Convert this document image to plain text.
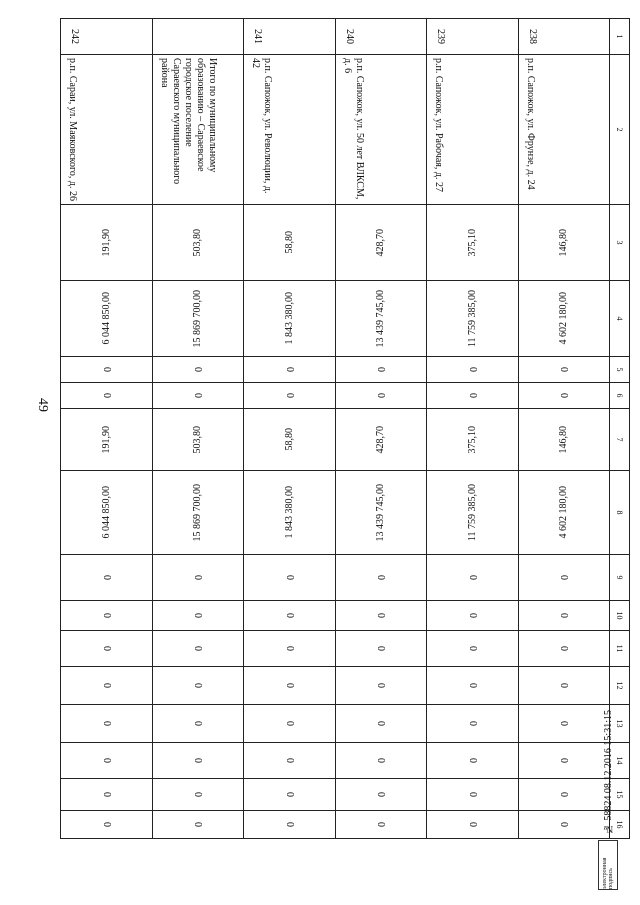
49
1	2	3	4	5	6	7	8	9	10	11	12	13	14	15	16
238	р.п. Сапожок, ул. Фрунзе, д. 24	146,80	4 602 180,00	0	0	146,80	4 602 180,00	0	0	0	0	0	0	0	0
239	р.п. Сапожок, ул. Рабочая, д. 27	375,10	11 759 385,00	0	0	375,10	11 759 385,00	0	0	0	0	0	0	0	0
240	р.п. Сапожок, ул. 50 лет ВЛКСМ, д. 6	428,70	13 439 745,00	0	0	428,70	13 439 745,00	0	0	0	0	0	0	0	0
241	р.п. Сапожок, ул. Революции, д. 42	58,80	1 843 380,00	0	0	58,80	1 843 380,00	0	0	0	0	0	0	0	0
	Итого по муниципальному образованию – Сараевское городское поселение Сараевского муниципального района	503,80	15 869 700,00	0	0	503,80	15 869 700,00	0	0	0	0	0	0	0	0
242	р.п. Сараи, ул. Маяковского, д. 26	191,90	6 044 850,00	0	0	191,90	6 044 850,00	0	0	0	0	0	0	0	0	№ 58824 08.12.2016 15:31:15
электронная подпись
